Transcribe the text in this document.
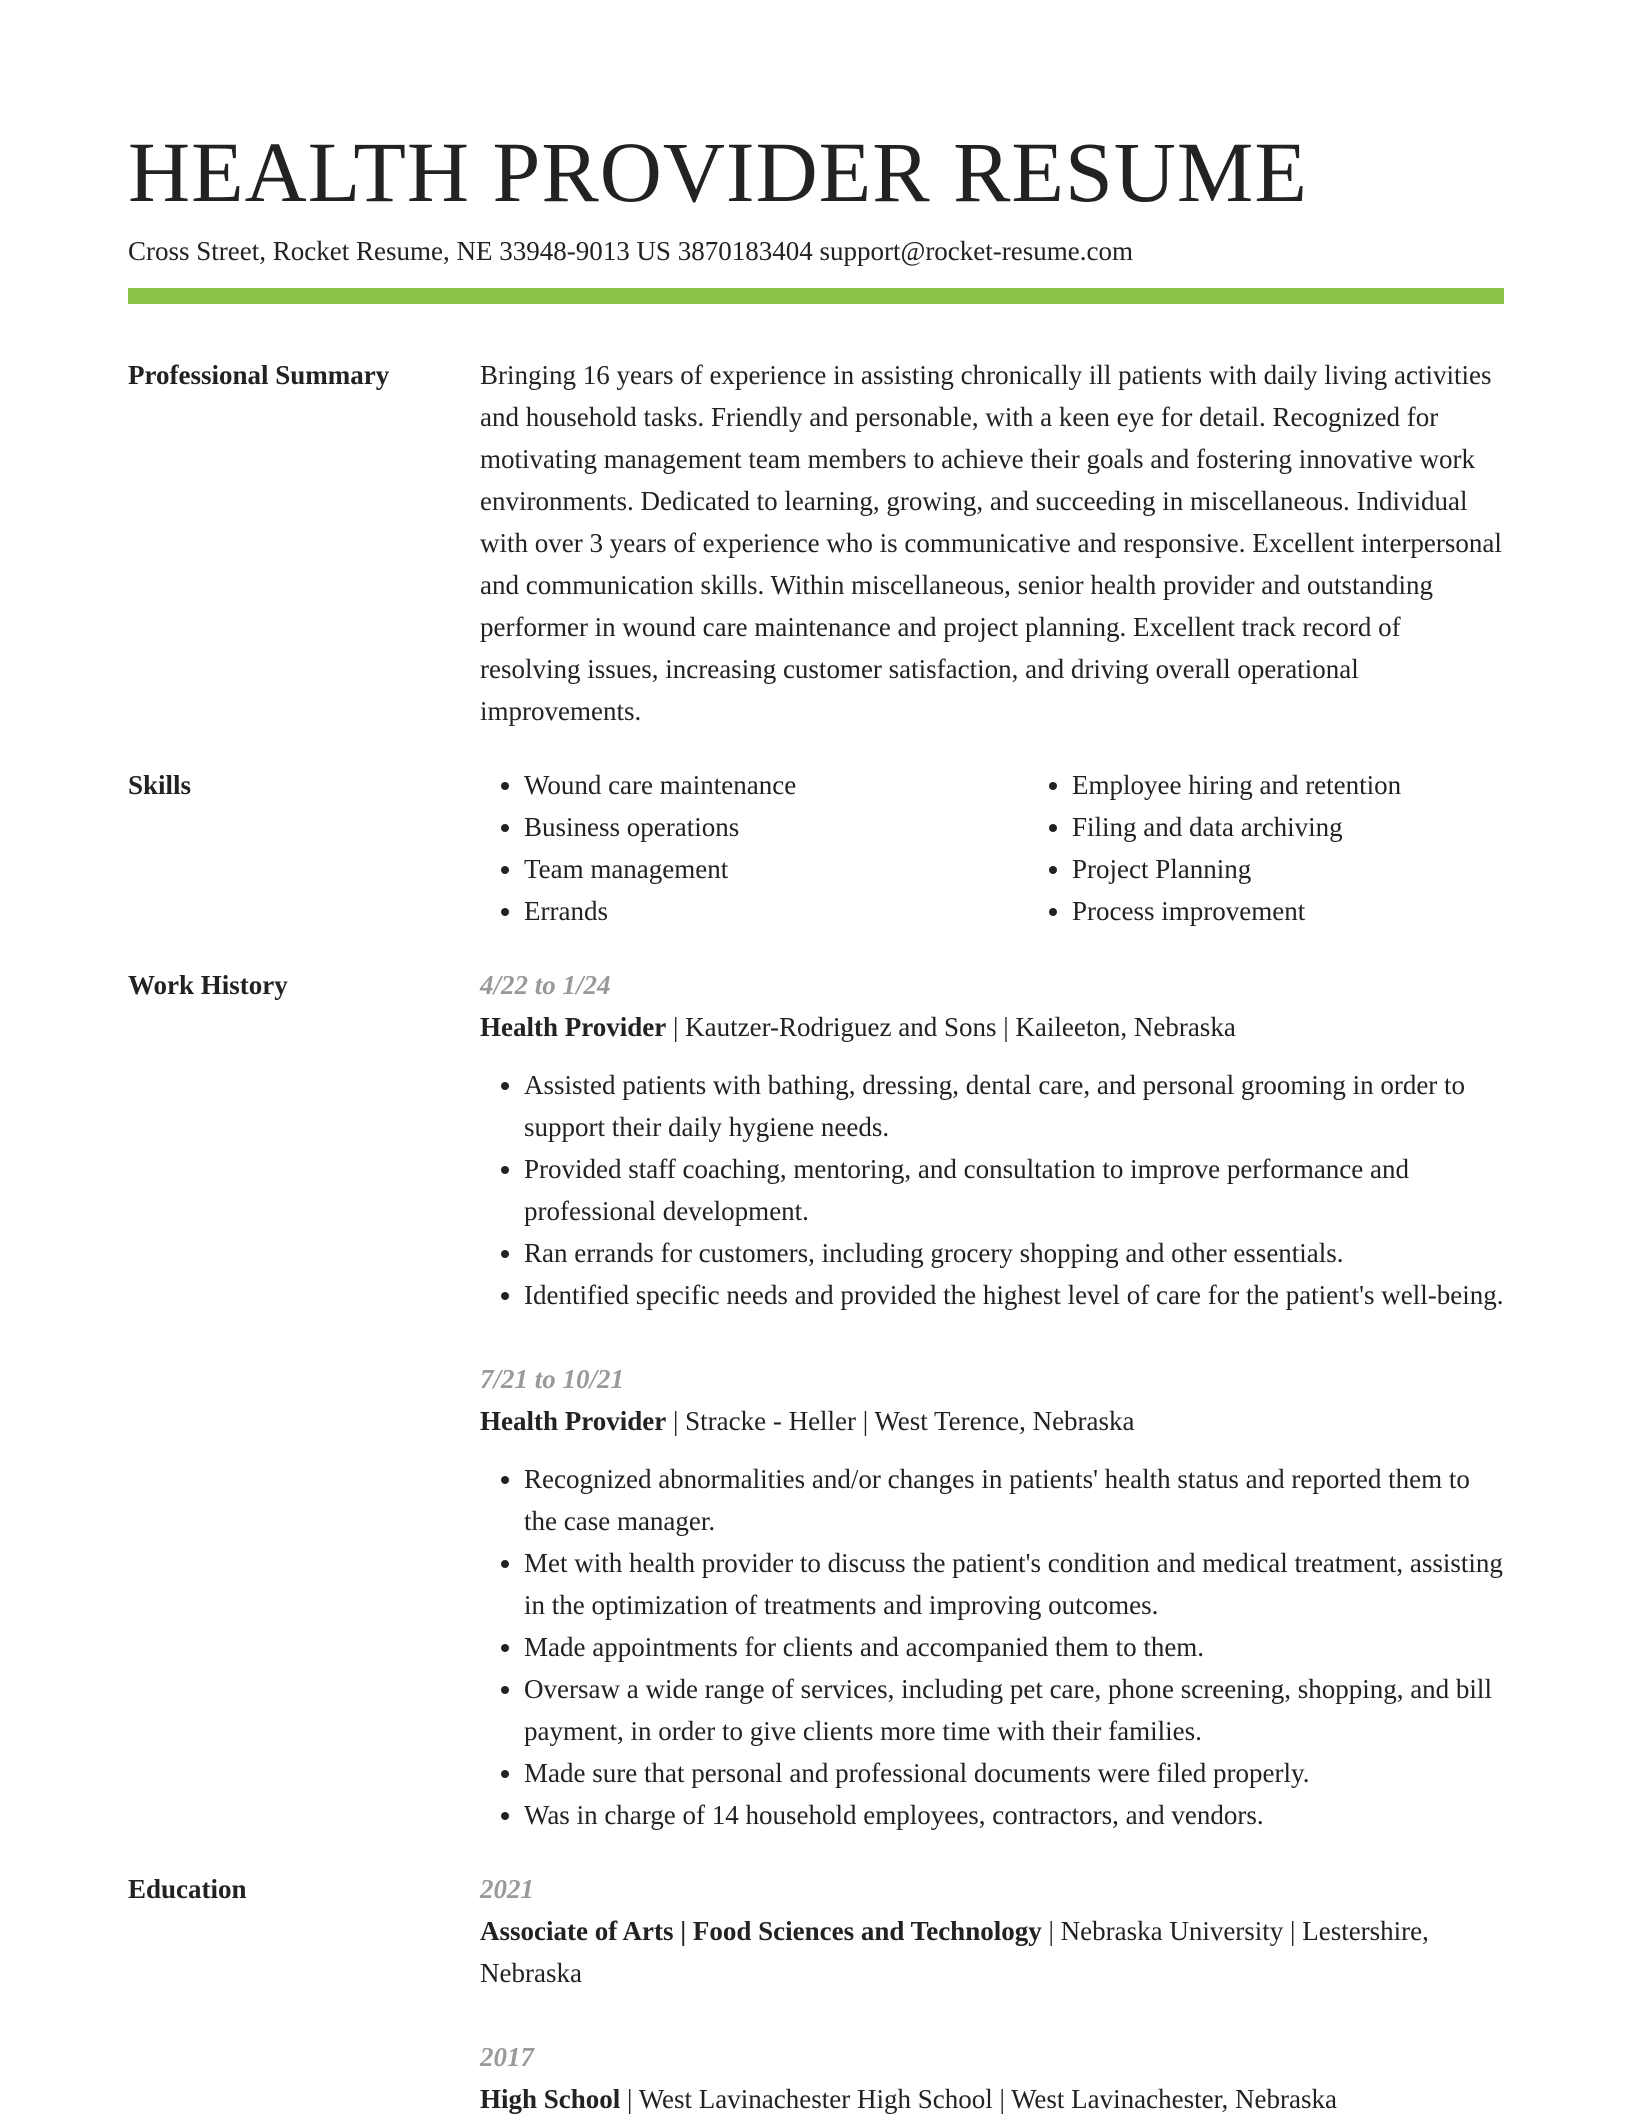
HEALTH PROVIDER RESUME
Cross Street, Rocket Resume, NE 33948-9013 US 3870183404 support@rocket-resume.com
Professional Summary	Bringing 16 years of experience in assisting chronically ill patients with daily living activities and household tasks. Friendly and personable, with a keen eye for detail. Recognized for motivating management team members to achieve their goals and fostering innovative work environments. Dedicated to learning, growing, and succeeding in miscellaneous. Individual with over 3 years of experience who is communicative and responsive. Excellent interpersonal and communication skills. Within miscellaneous, senior health provider and outstanding performer in wound care maintenance and project planning. Excellent track record of resolving issues, increasing customer satisfaction, and driving overall operational improvements.

Skills
•	Wound care maintenance
• Business operations
• Team management
• Errands
• Employee hiring and retention
• Filing and data archiving
• Project Planning
• Process improvement
Work History	4/22 to 1/24
Health Provider | Kautzer-Rodriguez and Sons | Kaileeton, Nebraska
• Assisted patients with bathing, dressing, dental care, and personal grooming in order to support their daily hygiene needs.
• Provided staff coaching, mentoring, and consultation to improve performance and professional development.
• Ran errands for customers, including grocery shopping and other essentials.
• Identified specific needs and provided the highest level of care for the patient's well-being.
7/21 to 10/21
Health Provider | Stracke - Heller | West Terence, Nebraska
• Recognized abnormalities and/or changes in patients' health status and reported them to the case manager.
• Met with health provider to discuss the patient's condition and medical treatment, assisting in the optimization of treatments and improving outcomes.
• Made appointments for clients and accompanied them to them.
• Oversaw a wide range of services, including pet care, phone screening, shopping, and bill payment, in order to give clients more time with their families.
• Made sure that personal and professional documents were filed properly.
• Was in charge of 14 household employees, contractors, and vendors.
Education	2021
Associate of Arts | Food Sciences and Technology | Nebraska University | Lestershire, Nebraska
2017
High School | West Lavinachester High School | West Lavinachester, Nebraska
